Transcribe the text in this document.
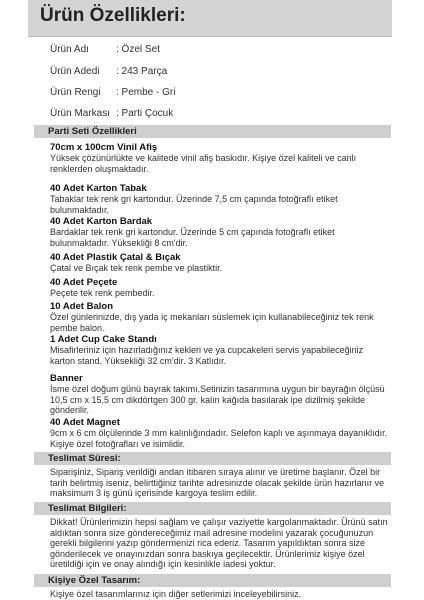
Ürün Özellikleri:
Ürün Adı	: Özel Set
Ürün Adedi : 243 Parça
Ürün Rengi : Pembe - Gri
Ürün Markası : Parti Çocuk
Parti Seti Özellikleri
70cm x 100cm Vinil Afiş
Yüksek çözünürlükte ve kalitede vinil afiş baskıdır. Kişiye özel kaliteli ve canlı renklerden oluşmaktadır.
40 Adet Karton Tabak
Tabaklar tek renk gri kartondur. Üzerinde 7,5 cm çapında fotoğraflı etiket bulunmaktadır.
40 Adet Karton Bardak
Bardaklar tek renk gri kartondur. Üzerinde 5 cm çapında fotoğraflı etiket bulunmaktadır. Yüksekliği 8 cm'dir.
40 Adet Plastik Çatal & Bıçak
Çatal ve Bıçak tek renk pembe ve plastiktir.
40 Adet Peçete
Peçete tek renk pembedir.
10 Adet Balon
Özel günlerinizde, dış yada iç mekanları süslemek için kullanabileceğiniz tek renk pembe balon.
1 Adet Cup Cake Standı
Misafirleriniz için hazırladığınız kekleri ve ya cupcakeleri servis yapabileceğiniz karton stand. Yüksekliği 32 cm'dir. 3 Katlıdır.
Banner
İsme özel doğum günü bayrak takımı.Setinizin tasarımına uygun bir bayrağın ölçüsü 10,5 cm x 15,5 cm dikdörtgen 300 gr. kalın kağıda basılarak ipe dizilmiş şekilde gönderilir.
40 Adet Magnet
9cm x 6 cm ölçülerinde 3 mm kalınlığındadır. Selefon kaplı ve aşınmaya dayanıklıdır. Kişiye özel fotoğrafları ve isimlidir.
Teslimat Süresi:
Siparişiniz, Sipariş verildiği andan itibaren sıraya alınır ve üretime başlanır. Özel bir tarih belirtmiş iseniz, belirttiğiniz tarihte adresinizde olacak şekilde ürün hazırlanır ve maksimum 3 iş günü içerisinde kargoya teslim edilir.
Teslimat Bilgileri:
Dikkat! Ürünlerimizin hepsi sağlam ve çalışır vaziyette kargolanmaktadır. Ürünü satın aldıktan sonra size göndereceğimiz mail adresine modelini yazarak çocuğunuzun gerekli bilgilerini yazıp göndermenizi rica ederiz. Tasarım yapıldıktan sonra size gönderilecek ve onayınızdan sonra baskıya geçilecektir. Ürünlerimiz kişiye özel üretildiği için ve onay alındığı için kesinlikle iadesi yoktur.
Kişiye Özel Tasarım:
Kişiye özel tasarımlarınız için diğer setlerimizi inceleyebilirsiniz.
